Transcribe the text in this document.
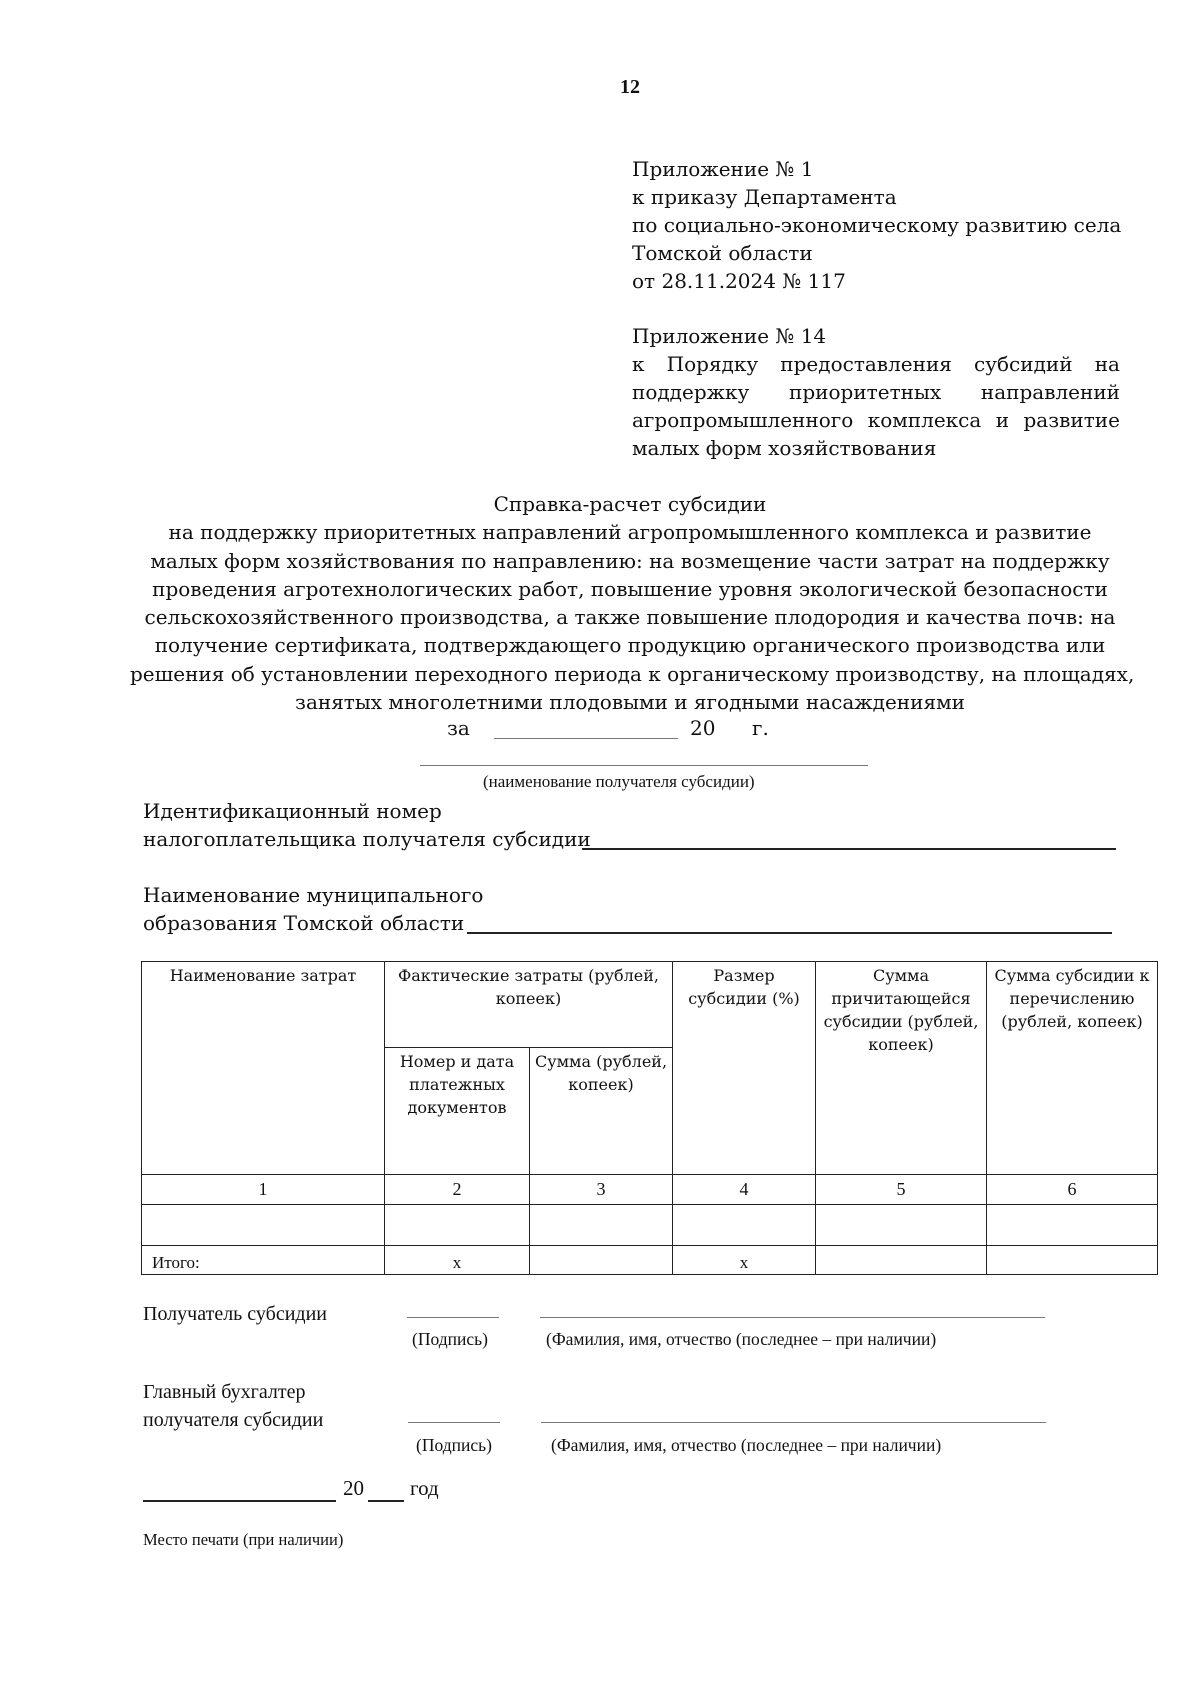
12
Приложение № 1
к приказу Департамента
по социально-экономическому развитию села
Томской области
от 28.11.2024 № 117
Приложение № 14
к Порядку предоставления субсидий на
поддержку приоритетных направлений
агропромышленного комплекса и развитие
малых форм хозяйствования
Справка-расчет субсидии
на поддержку приоритетных направлений агропромышленного комплекса и развитие
малых форм хозяйствования по направлению: на возмещение части затрат на поддержку
проведения агротехнологических работ, повышение уровня экологической безопасности
сельскохозяйственного производства, а также повышение плодородия и качества почв: на
получение сертификата, подтверждающего продукцию органического производства или
решения об установлении переходного периода к органическому производству, на площадях,
занятых многолетними плодовыми и ягодными насаждениями
за	20 г.
(наименование получателя субсидии)
Идентификационный номер
налогоплательщика получателя субсидии
Наименование муниципального
образования Томской области
Наименование затрат	Фактические затраты (рублей, копеек)		Размер субсидии (%)	Сумма причитающейся субсидии (рублей, копеек)	Сумма субсидии к перечислению (рублей, копеек)
	Номер и дата платежных документов	Сумма (рублей, копеек)			
1	2	3	4	5	6

Итого:	х		х		
Получатель субсидии
(Подпись)	(Фамилия, имя, отчество (последнее – при наличии)
Главный бухгалтер
получателя субсидии
(Подпись)	(Фамилия, имя, отчество (последнее – при наличии)
20 год
Место печати (при наличии)
